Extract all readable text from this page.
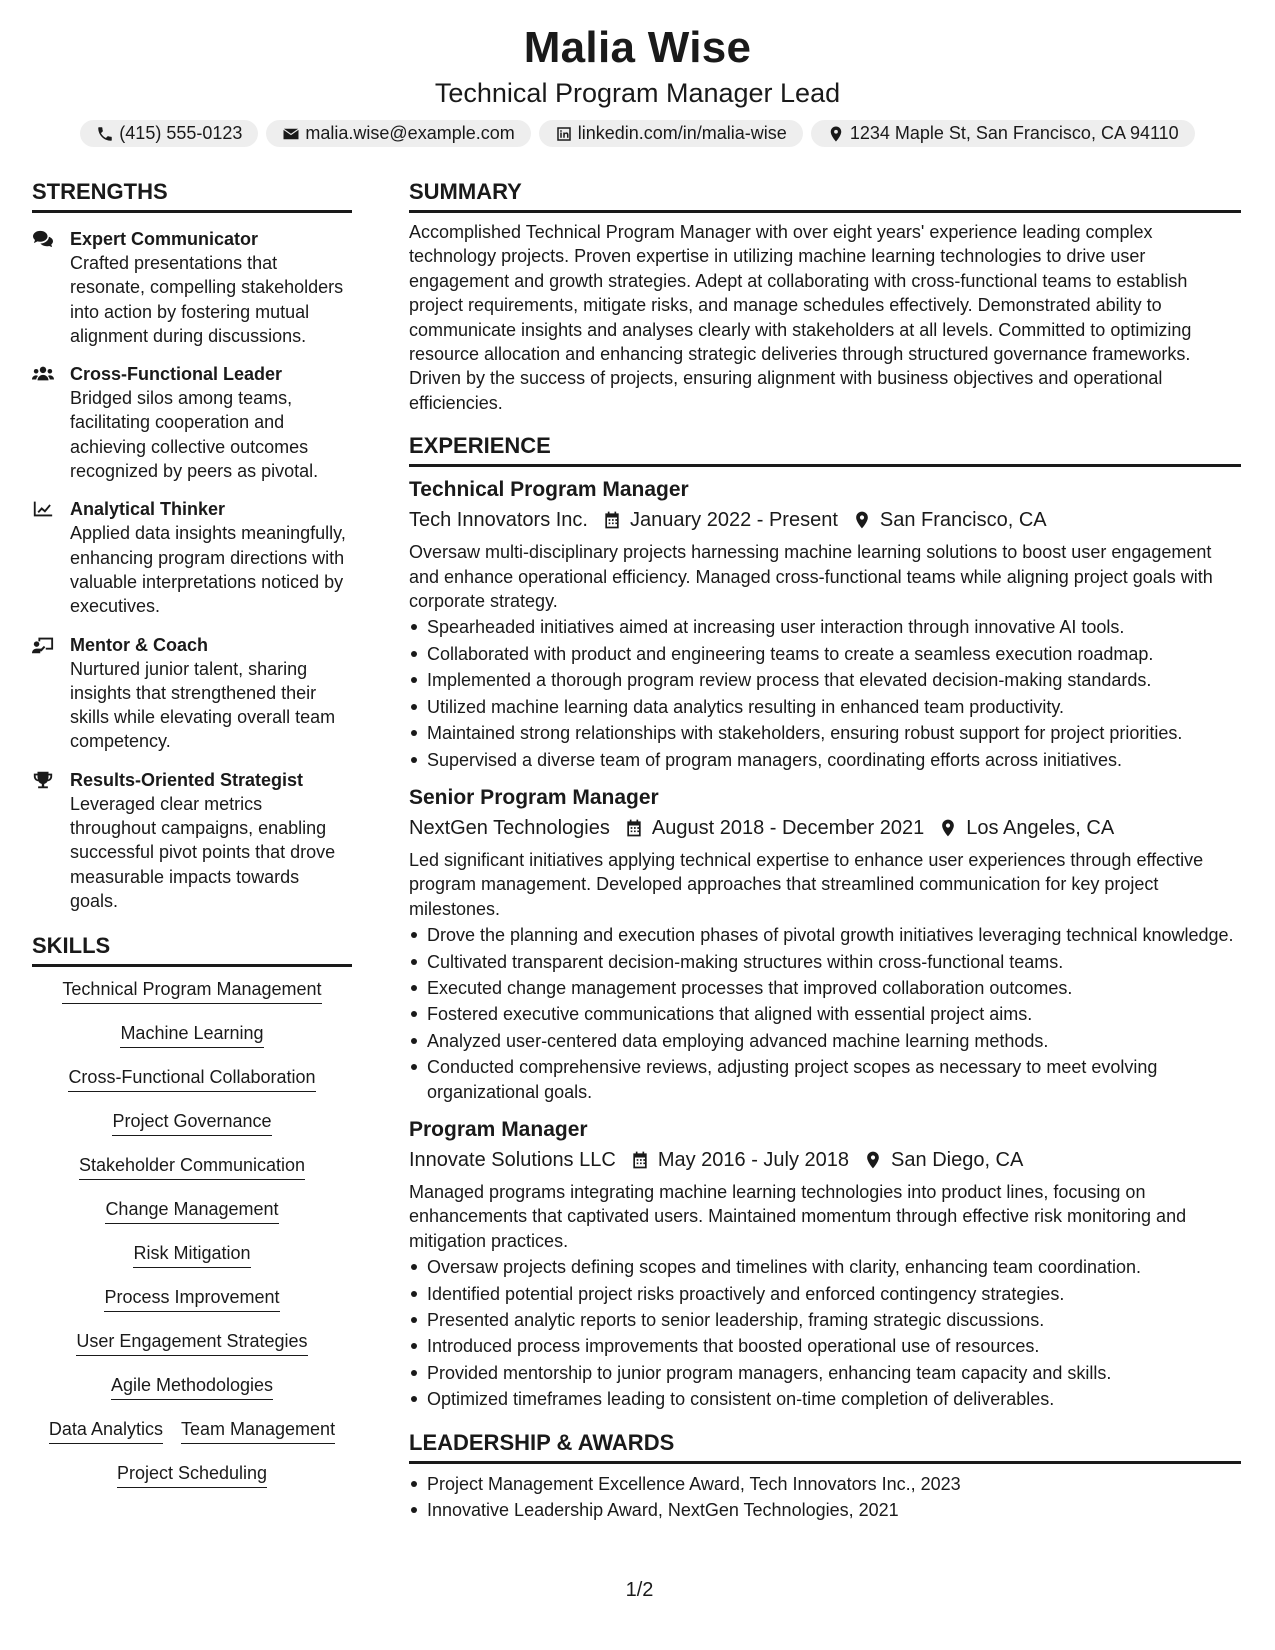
Malia Wise
Technical Program Manager Lead
(415) 555-0123	malia.wise@example.com	linkedin.com/in/malia-wise	1234 Maple St, San Francisco, CA 94110
STRENGTHS
Expert Communicator
Crafted presentations that resonate, compelling stakeholders into action by fostering mutual alignment during discussions.
Cross-Functional Leader
Bridged silos among teams, facilitating cooperation and achieving collective outcomes recognized by peers as pivotal.
Analytical Thinker
Applied data insights meaningfully, enhancing program directions with valuable interpretations noticed by executives.
Mentor & Coach
Nurtured junior talent, sharing insights that strengthened their skills while elevating overall team competency.
Results-Oriented Strategist
Leveraged clear metrics throughout campaigns, enabling successful pivot points that drove measurable impacts towards goals.
SKILLS
Technical Program Management
Machine Learning
Cross-Functional Collaboration
Project Governance
Stakeholder Communication
Change Management
Risk Mitigation
Process Improvement
User Engagement Strategies
Agile Methodologies
Data Analytics Team Management
Project Scheduling
SUMMARY
Accomplished Technical Program Manager with over eight years' experience leading complex technology projects. Proven expertise in utilizing machine learning technologies to drive user engagement and growth strategies. Adept at collaborating with cross-functional teams to establish project requirements, mitigate risks, and manage schedules effectively. Demonstrated ability to communicate insights and analyses clearly with stakeholders at all levels. Committed to optimizing resource allocation and enhancing strategic deliveries through structured governance frameworks. Driven by the success of projects, ensuring alignment with business objectives and operational efficiencies.
EXPERIENCE
Technical Program Manager
Tech Innovators Inc. January 2022 - Present San Francisco, CA
Oversaw multi-disciplinary projects harnessing machine learning solutions to boost user engagement and enhance operational efficiency. Managed cross-functional teams while aligning project goals with corporate strategy.
Spearheaded initiatives aimed at increasing user interaction through innovative AI tools.
Collaborated with product and engineering teams to create a seamless execution roadmap.
Implemented a thorough program review process that elevated decision-making standards.
Utilized machine learning data analytics resulting in enhanced team productivity.
Maintained strong relationships with stakeholders, ensuring robust support for project priorities.
Supervised a diverse team of program managers, coordinating efforts across initiatives.
Senior Program Manager
NextGen Technologies August 2018 - December 2021 Los Angeles, CA
Led significant initiatives applying technical expertise to enhance user experiences through effective program management. Developed approaches that streamlined communication for key project milestones.
Drove the planning and execution phases of pivotal growth initiatives leveraging technical knowledge.
Cultivated transparent decision-making structures within cross-functional teams.
Executed change management processes that improved collaboration outcomes.
Fostered executive communications that aligned with essential project aims.
Analyzed user-centered data employing advanced machine learning methods.
Conducted comprehensive reviews, adjusting project scopes as necessary to meet evolving organizational goals.
Program Manager
Innovate Solutions LLC May 2016 - July 2018 San Diego, CA
Managed programs integrating machine learning technologies into product lines, focusing on enhancements that captivated users. Maintained momentum through effective risk monitoring and mitigation practices.
Oversaw projects defining scopes and timelines with clarity, enhancing team coordination.
Identified potential project risks proactively and enforced contingency strategies.
Presented analytic reports to senior leadership, framing strategic discussions.
Introduced process improvements that boosted operational use of resources.
Provided mentorship to junior program managers, enhancing team capacity and skills.
Optimized timeframes leading to consistent on-time completion of deliverables.
LEADERSHIP & AWARDS
Project Management Excellence Award, Tech Innovators Inc., 2023
Innovative Leadership Award, NextGen Technologies, 2021
1/2
